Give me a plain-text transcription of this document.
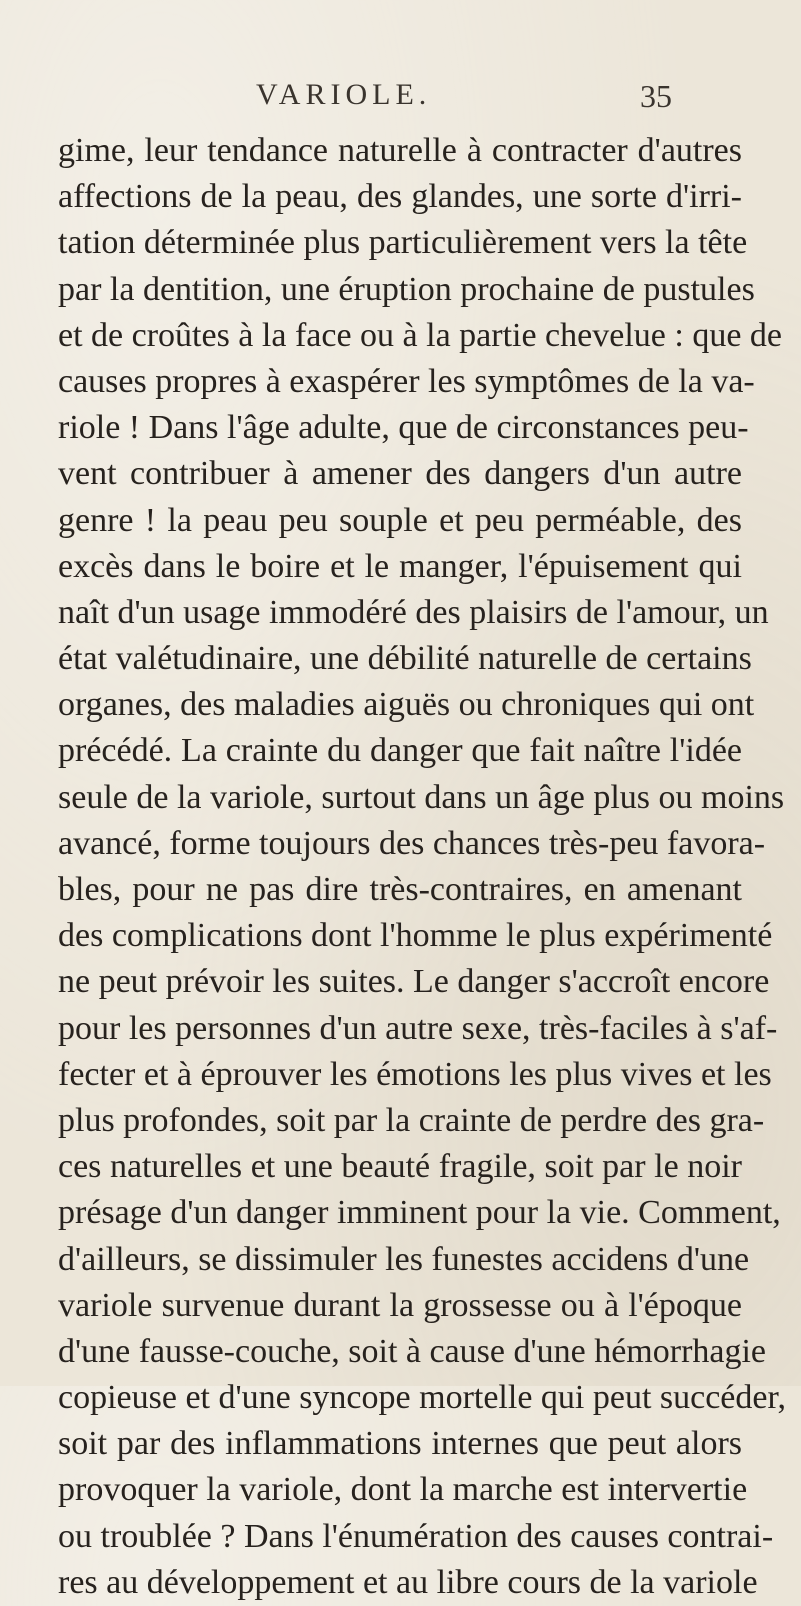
VARIOLE.	35
gime, leur tendance naturelle à contracter d'autres
affections de la peau, des glandes, une sorte d'irri-
tation déterminée plus particulièrement vers la tête
par la dentition, une éruption prochaine de pustules
et de croûtes à la face ou à la partie chevelue : que de
causes propres à exaspérer les symptômes de la va-
riole ! Dans l'âge adulte, que de circonstances peu-
vent contribuer à amener des dangers d'un autre
genre ! la peau peu souple et peu perméable, des
excès dans le boire et le manger, l'épuisement qui
naît d'un usage immodéré des plaisirs de l'amour, un
état valétudinaire, une débilité naturelle de certains
organes, des maladies aiguës ou chroniques qui ont
précédé. La crainte du danger que fait naître l'idée
seule de la variole, surtout dans un âge plus ou moins
avancé, forme toujours des chances très-peu favora-
bles, pour ne pas dire très-contraires, en amenant
des complications dont l'homme le plus expérimenté
ne peut prévoir les suites. Le danger s'accroît encore
pour les personnes d'un autre sexe, très-faciles à s'af-
fecter et à éprouver les émotions les plus vives et les
plus profondes, soit par la crainte de perdre des gra-
ces naturelles et une beauté fragile, soit par le noir
présage d'un danger imminent pour la vie. Comment,
d'ailleurs, se dissimuler les funestes accidens d'une
variole survenue durant la grossesse ou à l'époque
d'une fausse-couche, soit à cause d'une hémorrhagie
copieuse et d'une syncope mortelle qui peut succéder,
soit par des inflammations internes que peut alors
provoquer la variole, dont la marche est intervertie
ou troublée ? Dans l'énumération des causes contrai-
res au développement et au libre cours de la variole
